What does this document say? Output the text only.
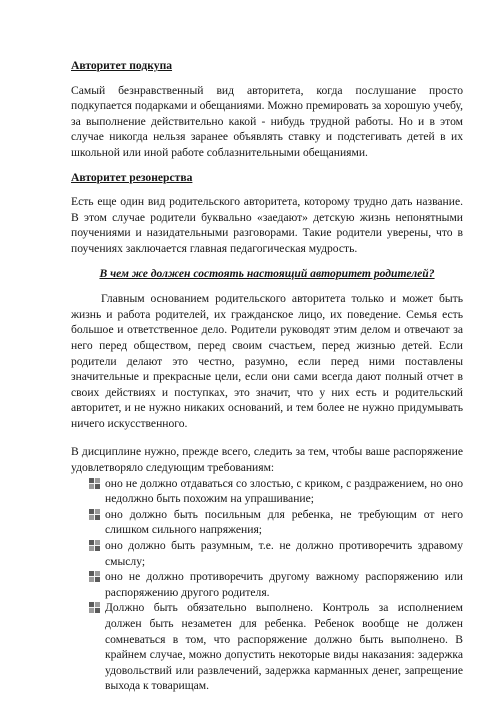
Авторитет подкупа

Самый безнравственный вид авторитета, когда послушание просто подкупается подарками и обещаниями. Можно премировать за хорошую учебу, за выполнение действительно какой - нибудь трудной работы. Но и в этом случае никогда нельзя заранее объявлять ставку и подстегивать детей в их школьной или иной работе соблазнительными обещаниями.

Авторитет резонерства

Есть еще один вид родительского авторитета, которому трудно дать название. В этом случае родители буквально «заедают» детскую жизнь непонятными поучениями и назидательными разговорами. Такие родители уверены, что в поучениях заключается главная педагогическая мудрость.

В чем же должен состоять настоящий авторитет родителей?

Главным основанием родительского авторитета только и может быть жизнь и работа родителей, их гражданское лицо, их поведение. Семья есть большое и ответственное дело. Родители руководят этим делом и отвечают за него перед обществом, перед своим счастьем, перед жизнью детей. Если родители делают это честно, разумно, если перед ними поставлены значительные и прекрасные цели, если они сами всегда дают полный отчет в своих действиях и поступках, это значит, что у них есть и родительский авторитет, и не нужно никаких оснований, и тем более не нужно придумывать ничего искусственного.

В дисциплине нужно, прежде всего, следить за тем, чтобы ваше распоряжение удовлетворяло следующим требованиям:

оно не должно отдаваться со злостью, с криком, с раздражением, но оно недолжно быть похожим на упрашивание;
оно должно быть посильным для ребенка, не требующим от него слишком сильного напряжения;
оно должно быть разумным, т.е. не должно противоречить здравому смыслу;
оно не должно противоречить другому важному распоряжению или распоряжению другого родителя.
Должно быть обязательно выполнено. Контроль за исполнением должен быть незаметен для ребенка. Ребенок вообще не должен сомневаться в том, что распоряжение должно быть выполнено. В крайнем случае, можно допустить некоторые виды наказания: задержка удовольствий или развлечений, задержка карманных денег, запрещение выхода к товарищам.
